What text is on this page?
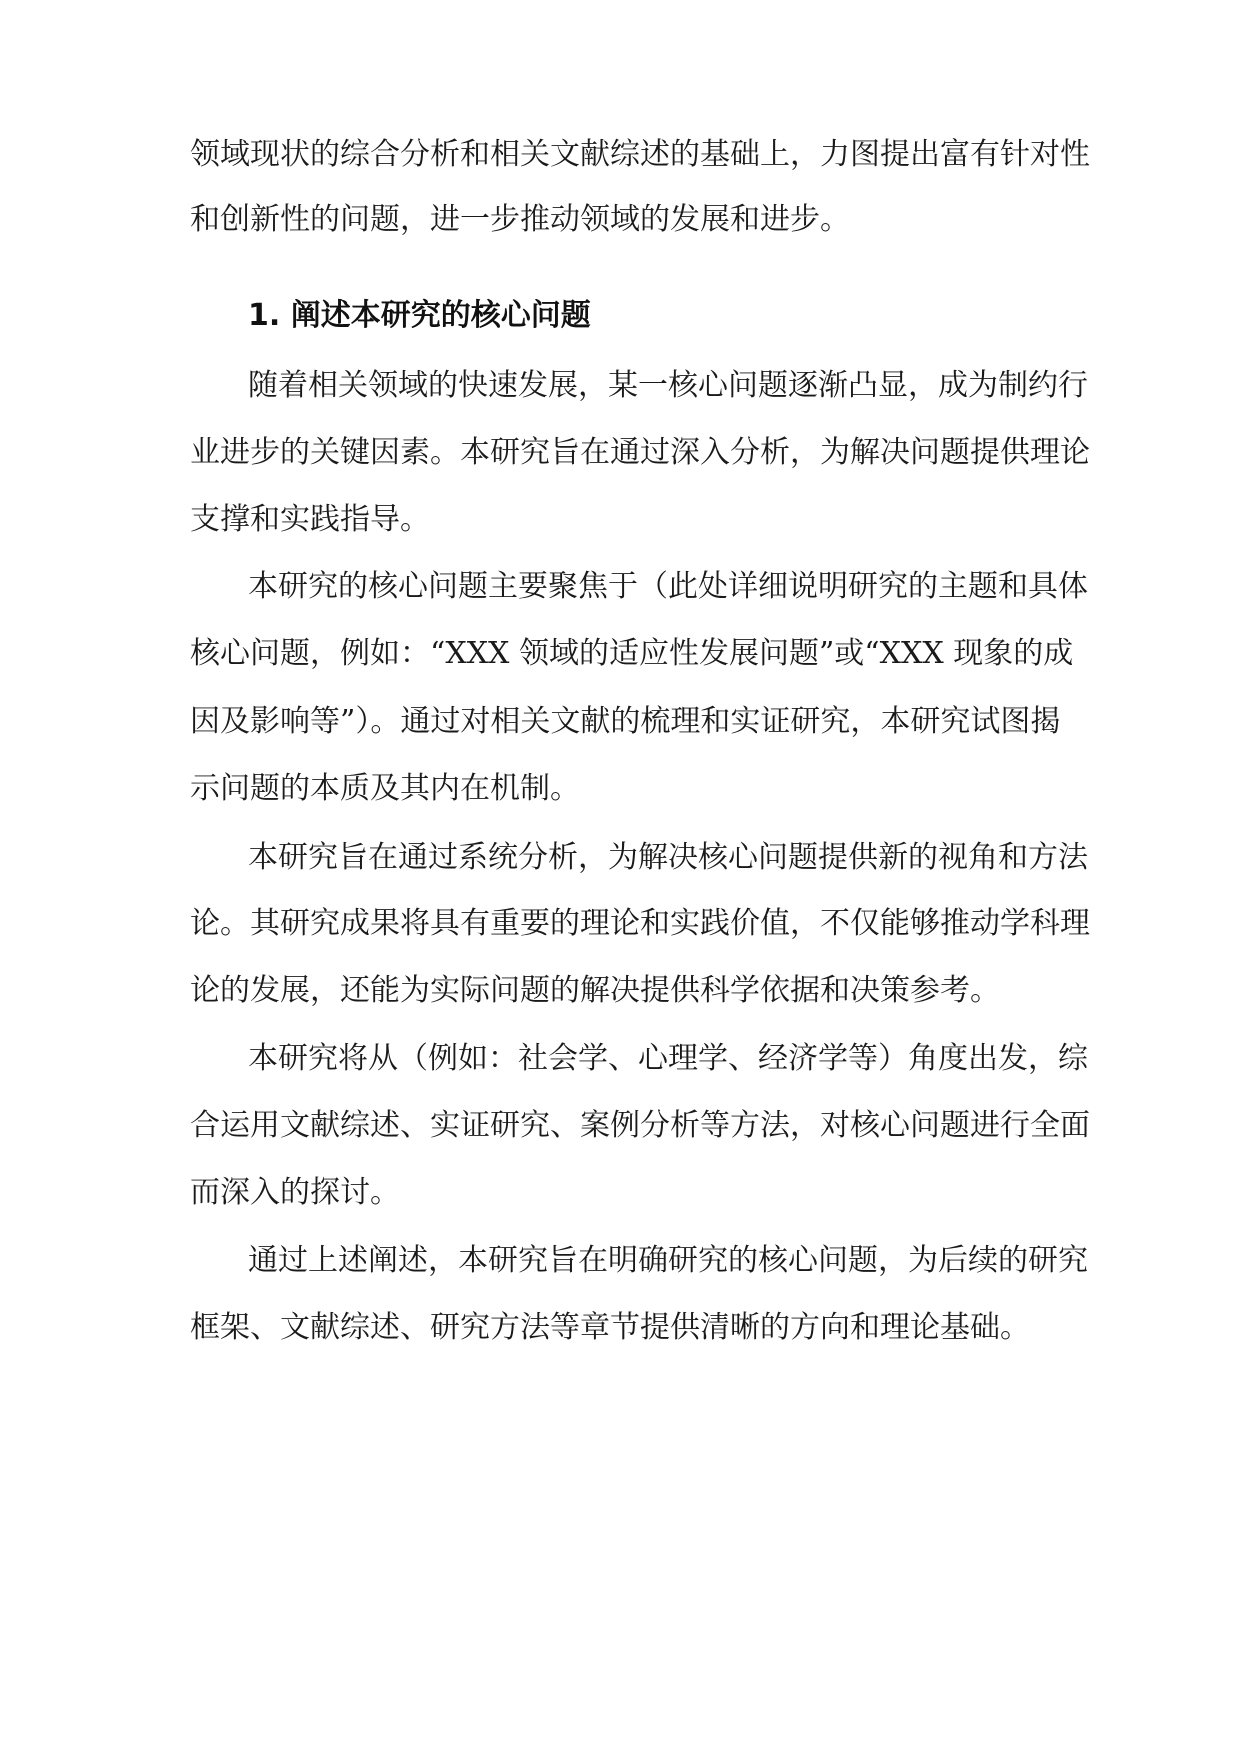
领域现状的综合分析和相关文献综述的基础上，力图提出富有针对性

和创新性的问题，进一步推动领域的发展和进步。

1. 阐述本研究的核心问题

随着相关领域的快速发展，某一核心问题逐渐凸显，成为制约行

业进步的关键因素。本研究旨在通过深入分析，为解决问题提供理论

支撑和实践指导。

本研究的核心问题主要聚焦于（此处详细说明研究的主题和具体

核心问题，例如：“XXX 领域的适应性发展问题”或“XXX 现象的成

因及影响等”）。通过对相关文献的梳理和实证研究，本研究试图揭

示问题的本质及其内在机制。

本研究旨在通过系统分析，为解决核心问题提供新的视角和方法

论。其研究成果将具有重要的理论和实践价值，不仅能够推动学科理

论的发展，还能为实际问题的解决提供科学依据和决策参考。

本研究将从（例如：社会学、心理学、经济学等）角度出发，综

合运用文献综述、实证研究、案例分析等方法，对核心问题进行全面

而深入的探讨。

通过上述阐述，本研究旨在明确研究的核心问题，为后续的研究

框架、文献综述、研究方法等章节提供清晰的方向和理论基础。
